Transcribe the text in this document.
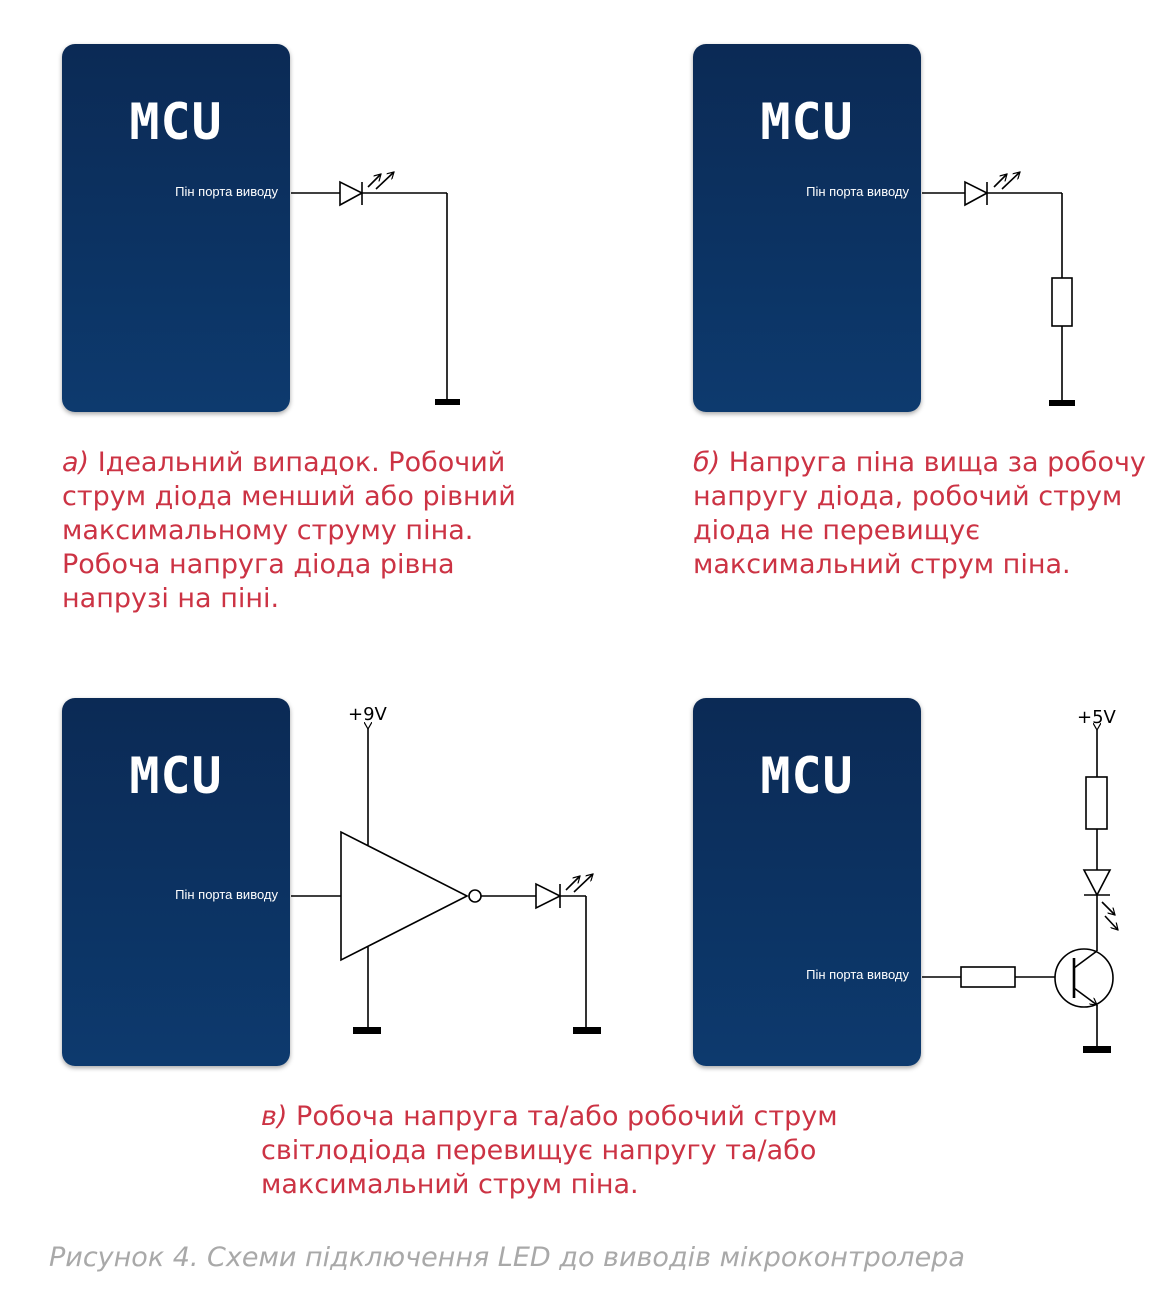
MCU
Пін порта виводу
MCU
Пін порта виводу
MCU
Пін порта виводу
MCU
Пін порта виводу
+9V	+5V
а) Ідеальний випадок. Робочий
струм діода менший або рівний
максимальному струму піна.
Робоча напруга діода рівна
напрузі на піні.
б) Напруга піна вища за робочу
напругу діода, робочий струм
діода не перевищує
максимальний струм піна.
в) Робоча напруга та/або робочий струм
світлодіода перевищує напругу та/або
максимальний струм піна.
Рисунок 4. Схеми підключення LED до виводів мікроконтролера
